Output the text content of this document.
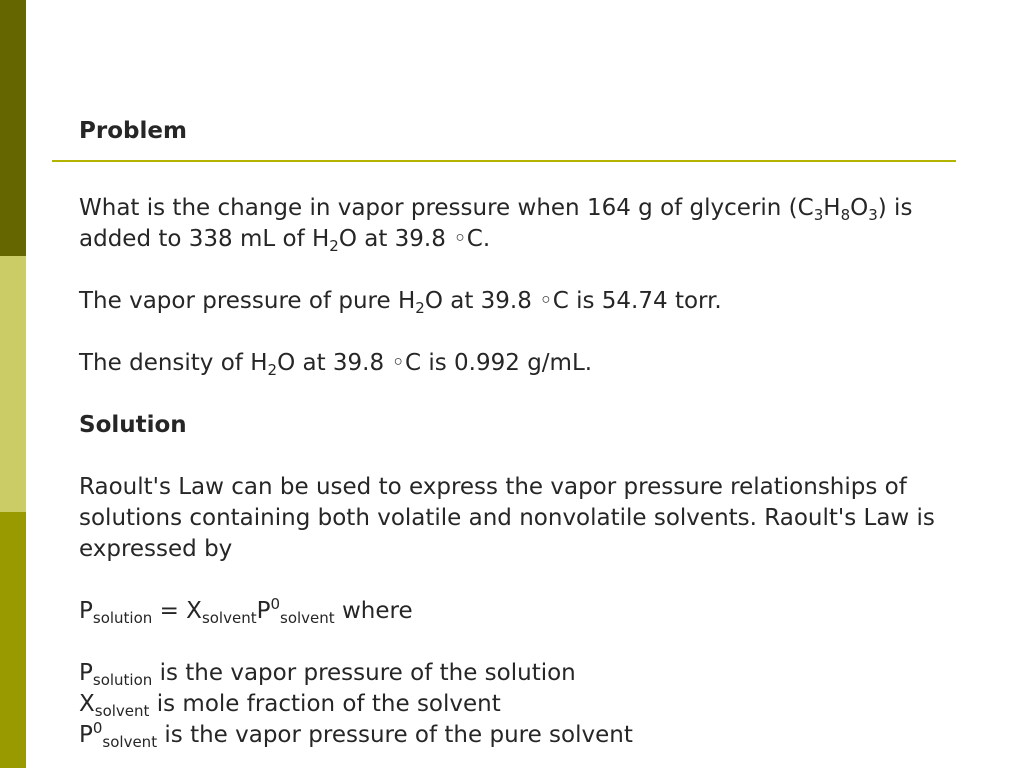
Problem

What is the change in vapor pressure when 164 g of glycerin $(C_3H_8O_3)$ is added to 338 mL of $H_2O$ at 39.8 ◦C.

The vapor pressure of pure $H_2O$ at 39.8 ◦C is 54.74 torr.

The density of $H_2O$ at 39.8 ◦C is 0.992 g/mL.

Solution

Raoult's Law can be used to express the vapor pressure relationships of solutions containing both volatile and nonvolatile solvents. Raoult's Law is expressed by

$P_{solution} = X_{solvent}P^0_{solvent}$ where

$P_{solution}$ is the vapor pressure of the solution

$X_{solvent}$ is mole fraction of the solvent

$P^0_{solvent}$ is the vapor pressure of the pure solvent
